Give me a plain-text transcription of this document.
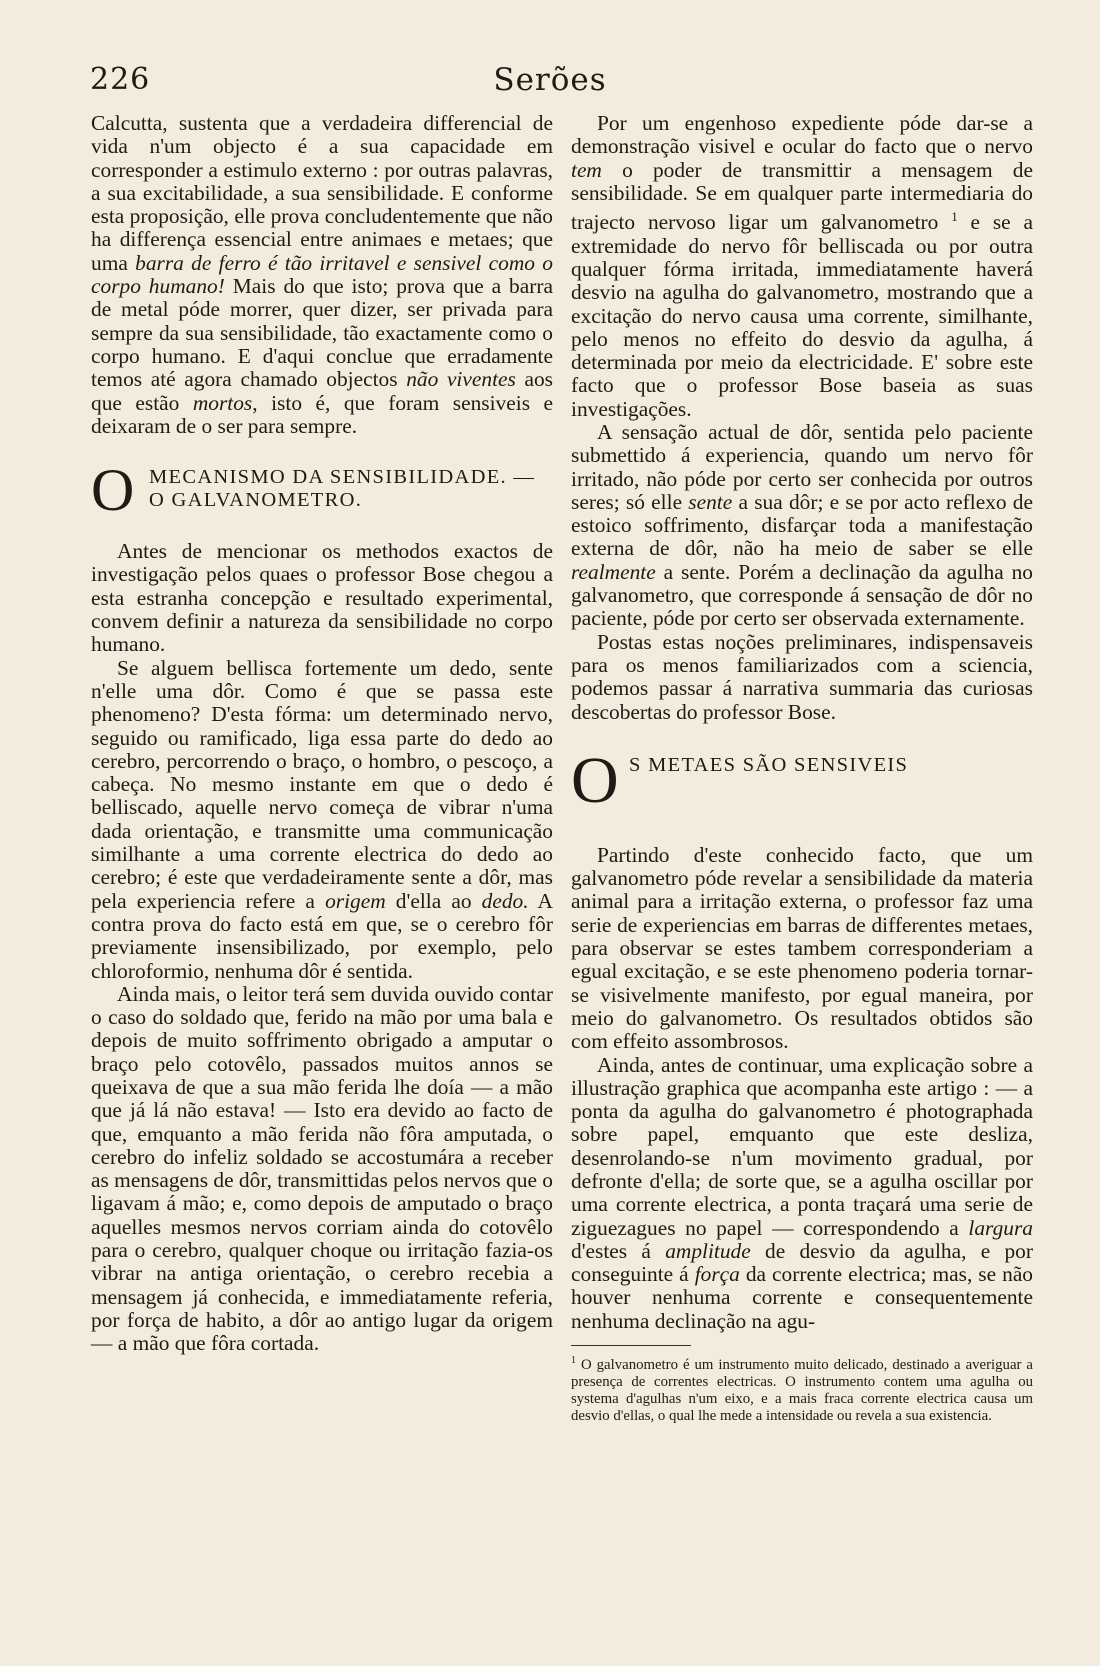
226	Serões

Calcutta, sustenta que a verdadeira differencial de vida n'um objecto é a sua capacidade em corresponder a estimulo externo : por outras palavras, a sua excitabilidade, a sua sensibilidade. E conforme esta proposição, elle prova concludentemente que não ha differença essencial entre animaes e metaes; que uma barra de ferro é tão irritavel e sensivel como o corpo humano! Mais do que isto; prova que a barra de metal póde morrer, quer dizer, ser privada para sempre da sua sensibilidade, tão exactamente como o corpo humano. E d'aqui conclue que erradamente temos até agora chamado objectos não viventes aos que estão mortos, isto é, que foram sensiveis e deixaram de o ser para sempre.

O MECANISMO DA SENSIBILIDADE. — O GALVANOMETRO.

Antes de mencionar os methodos exactos de investigação pelos quaes o professor Bose chegou a esta estranha concepção e resultado experimental, convem definir a natureza da sensibilidade no corpo humano.

Se alguem bellisca fortemente um dedo, sente n'elle uma dôr. Como é que se passa este phenomeno? D'esta fórma: um determinado nervo, seguido ou ramificado, liga essa parte do dedo ao cerebro, percorrendo o braço, o hombro, o pescoço, a cabeça. No mesmo instante em que o dedo é belliscado, aquelle nervo começa de vibrar n'uma dada orientação, e transmitte uma communicação similhante a uma corrente electrica do dedo ao cerebro; é este que verdadeiramente sente a dôr, mas pela experiencia refere a origem d'ella ao dedo. A contra prova do facto está em que, se o cerebro fôr previamente insensibilizado, por exemplo, pelo chloroformio, nenhuma dôr é sentida.

Ainda mais, o leitor terá sem duvida ouvido contar o caso do soldado que, ferido na mão por uma bala e depois de muito soffrimento obrigado a amputar o braço pelo cotovêlo, passados muitos annos se queixava de que a sua mão ferida lhe doía — a mão que já lá não estava! — Isto era devido ao facto de que, emquanto a mão ferida não fôra amputada, o cerebro do infeliz soldado se accostumára a receber as mensagens de dôr, transmittidas pelos nervos que o ligavam á mão; e, como depois de amputado o braço aquelles mesmos nervos corriam ainda do cotovêlo para o cerebro, qualquer choque ou irritação fazia-os vibrar na antiga orientação, o cerebro recebia a mensagem já conhecida, e immediatamente referia, por força de habito, a dôr ao antigo lugar da origem — a mão que fôra cortada.

Por um engenhoso expediente póde dar-se a demonstração visivel e ocular do facto que o nervo tem o poder de transmittir a mensagem de sensibilidade. Se em qualquer parte intermediaria do trajecto nervoso ligar um galvanometro $^1$ e se a extremidade do nervo fôr belliscada ou por outra qualquer fórma irritada, immediatamente haverá desvio na agulha do galvanometro, mostrando que a excitação do nervo causa uma corrente, similhante, pelo menos no effeito do desvio da agulha, á determinada por meio da electricidade. E' sobre este facto que o professor Bose baseia as suas investigações.

A sensação actual de dôr, sentida pelo paciente submettido á experiencia, quando um nervo fôr irritado, não póde por certo ser conhecida por outros seres; só elle sente a sua dôr; e se por acto reflexo de estoico soffrimento, disfarçar toda a manifestação externa de dôr, não ha meio de saber se elle realmente a sente. Porém a declinação da agulha no galvanometro, que corresponde á sensação de dôr no paciente, póde por certo ser observada externamente.

Postas estas noções preliminares, indispensaveis para os menos familiarizados com a sciencia, podemos passar á narrativa summaria das curiosas descobertas do professor Bose.

O S METAES SÃO SENSIVEIS

Partindo d'este conhecido facto, que um galvanometro póde revelar a sensibilidade da materia animal para a irritação externa, o professor faz uma serie de experiencias em barras de differentes metaes, para observar se estes tambem corresponderiam a egual excitação, e se este phenomeno poderia tornar-se visivelmente manifesto, por egual maneira, por meio do galvanometro. Os resultados obtidos são com effeito assombrosos.

Ainda, antes de continuar, uma explicação sobre a illustração graphica que acompanha este artigo : — a ponta da agulha do galvanometro é photographada sobre papel, emquanto que este desliza, desenrolando-se n'um movimento gradual, por defronte d'ella; de sorte que, se a agulha oscillar por uma corrente electrica, a ponta traçará uma serie de ziguezagues no papel — correspondendo a largura d'estes á amplitude de desvio da agulha, e por conseguinte á força da corrente electrica; mas, se não houver nenhuma corrente e consequentemente nenhuma declinação na agu-

$^1$ O galvanometro é um instrumento muito delicado, destinado a averiguar a presença de correntes electricas. O instrumento contem uma agulha ou systema d'agulhas n'um eixo, e a mais fraca corrente electrica causa um desvio d'ellas, o qual lhe mede a intensidade ou revela a sua existencia.
